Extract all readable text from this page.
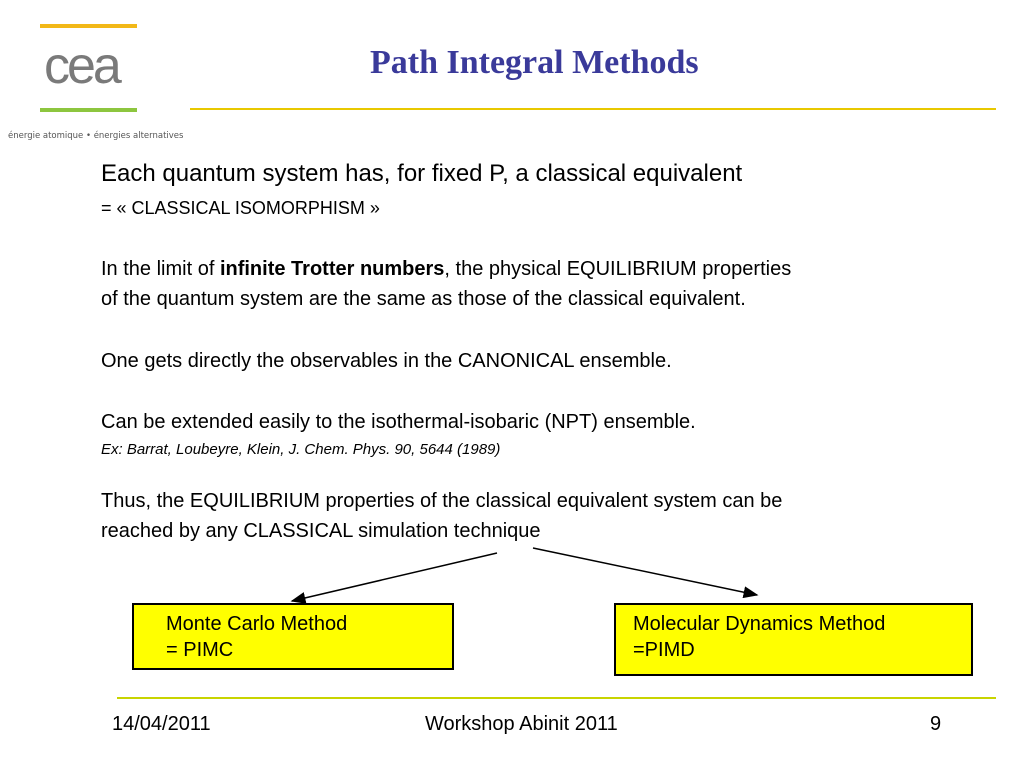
cea
énergie atomique • énergies alternatives
Path Integral Methods
Each quantum system has, for fixed P, a classical equivalent
= « CLASSICAL ISOMORPHISM »
In the limit of infinite Trotter numbers, the physical EQUILIBRIUM properties
of the quantum system are the same as those of the classical equivalent.
One gets directly the observables in the CANONICAL ensemble.
Can be extended easily to the isothermal-isobaric (NPT) ensemble.
Ex: Barrat, Loubeyre, Klein, J. Chem. Phys. 90, 5644 (1989)
Thus, the EQUILIBRIUM properties of the classical equivalent system can be
reached by any CLASSICAL simulation technique
Monte Carlo Method
= PIMC
Molecular Dynamics Method
=PIMD
14/04/2011	Workshop Abinit 2011	9
